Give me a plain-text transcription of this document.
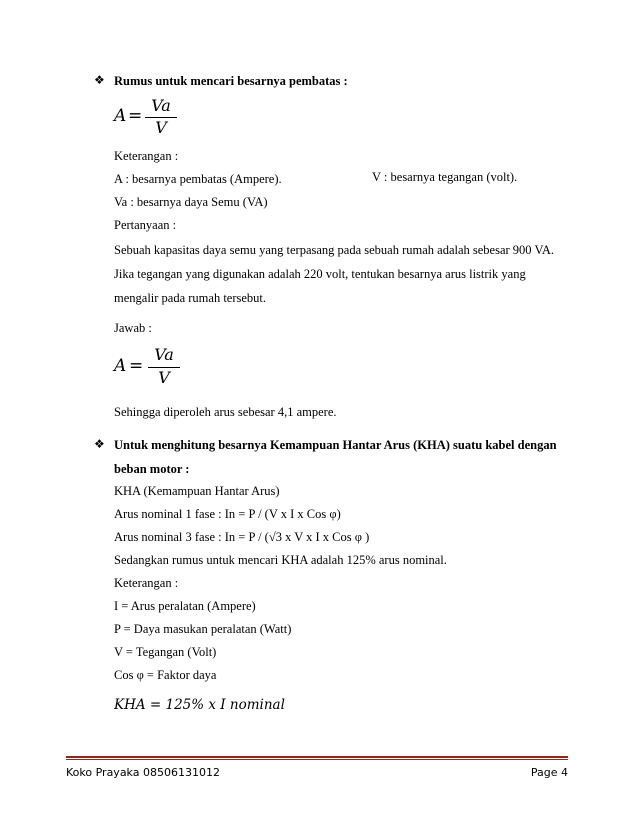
❖ Rumus untuk mencari besarnya pembatas :
A =
Va
V
Keterangan :
A : besarnya pembatas (Ampere).	V : besarnya tegangan (volt).
Va : besarnya daya Semu (VA)
Pertanyaan :
Sebuah kapasitas daya semu yang terpasang pada sebuah rumah adalah sebesar 900 VA.
Jika tegangan yang digunakan adalah 220 volt, tentukan besarnya arus listrik yang
mengalir pada rumah tersebut.
Jawab :
A =
Va
V
Sehingga diperoleh arus sebesar 4,1 ampere.
❖ Untuk menghitung besarnya Kemampuan Hantar Arus (KHA) suatu kabel dengan
beban motor :
KHA (Kemampuan Hantar Arus)
Arus nominal 1 fase : In = P / (V x I x Cos φ)
Arus nominal 3 fase : In = P / (√3 x V x I x Cos φ )
Sedangkan rumus untuk mencari KHA adalah 125% arus nominal.
Keterangan :
I = Arus peralatan (Ampere)
P = Daya masukan peralatan (Watt)
V = Tegangan (Volt)
Cos φ = Faktor daya
KHA = 125% x I nominal
Koko Prayaka 08506131012	Page 4
